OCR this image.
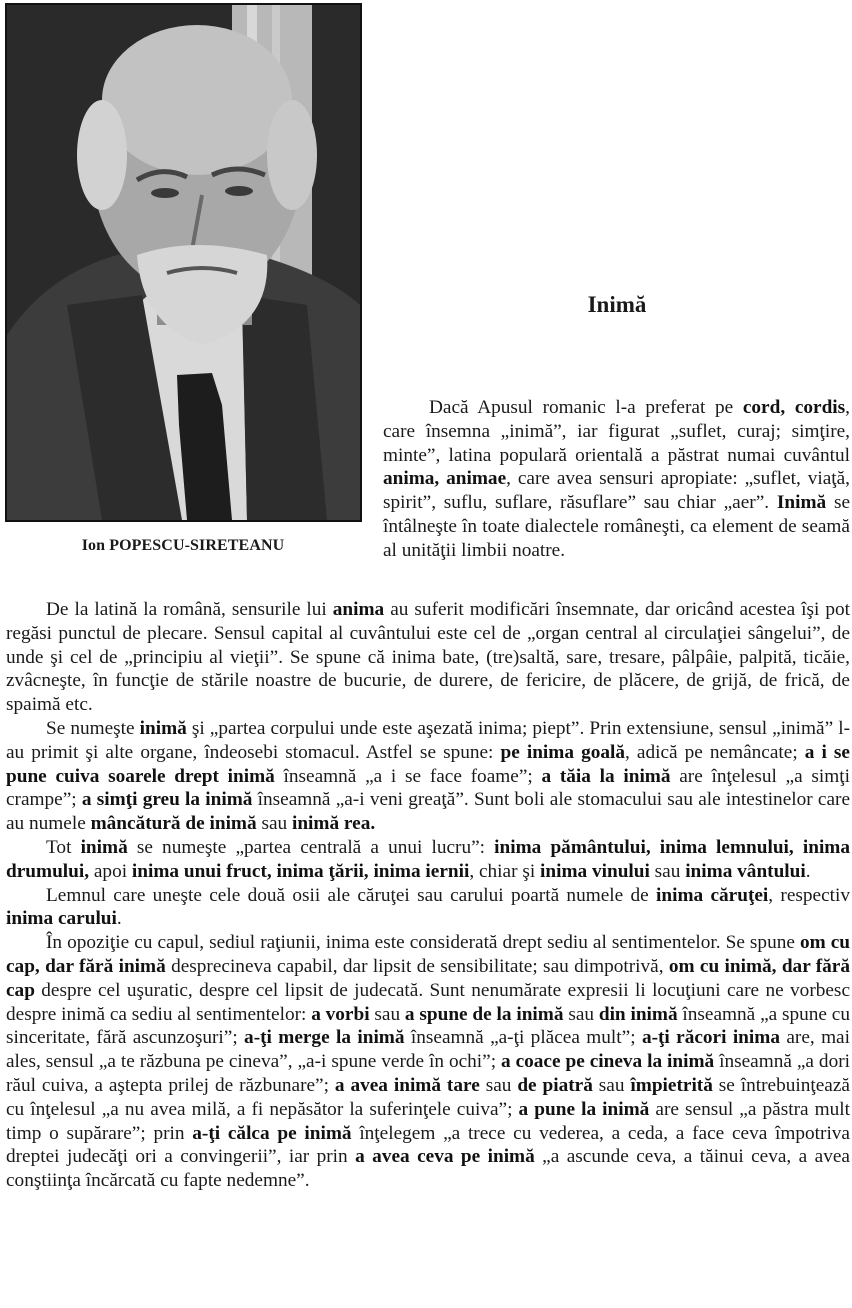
Ion POPESCU-SIRETEANU
Inimă

Dacă Apusul romanic l-a preferat pe cord, cordis, care însemna „inimă”, iar figurat „suflet, curaj; simţire, minte”, latina populară orientală a păstrat numai cuvântul anima, animae, care avea sensuri apropiate: „suflet, viaţă, spirit”, suflu, suflare, răsuflare” sau chiar „aer”. Inimă se întâlneşte în toate dialectele româneşti, ca element de seamă al unităţii limbii noatre.

De la latină la română, sensurile lui anima au suferit modificări însemnate, dar oricând acestea îşi pot regăsi punctul de plecare. Sensul capital al cuvântului este cel de „organ central al circulaţiei sângelui”, de unde şi cel de „principiu al vieţii”. Se spune că inima bate, (tre)saltă, sare, tresare, pâlpâie, palpită, ticăie, zvâcneşte, în funcţie de stările noastre de bucurie, de durere, de fericire, de plăcere, de grijă, de frică, de spaimă etc.

Se numeşte inimă şi „partea corpului unde este aşezată inima; piept”. Prin extensiune, sensul „inimă” l-au primit şi alte organe, îndeosebi stomacul. Astfel se spune: pe inima goală, adică pe nemâncate; a i se pune cuiva soarele drept inimă înseamnă „a i se face foame”; a tăia la inimă are înţelesul „a simţi crampe”; a simţi greu la inimă înseamnă „a-i veni greaţă”. Sunt boli ale stomacului sau ale intestinelor care au numele mâncătură de inimă sau inimă rea.

Tot inimă se numeşte „partea centrală a unui lucru”: inima pământului, inima lemnului, inima drumului, apoi inima unui fruct, inima ţării, inima iernii, chiar şi inima vinului sau inima vântului.

Lemnul care uneşte cele două osii ale căruţei sau carului poartă numele de inima căruţei, respectiv inima carului.

În opoziţie cu capul, sediul raţiunii, inima este considerată drept sediu al sentimentelor. Se spune om cu cap, dar fără inimă desprecineva capabil, dar lipsit de sensibilitate; sau dimpotrivă, om cu inimă, dar fără cap despre cel uşuratic, despre cel lipsit de judecată. Sunt nenumărate expresii li locuţiuni care ne vorbesc despre inimă ca sediu al sentimentelor: a vorbi sau a spune de la inimă sau din inimă înseamnă „a spune cu sinceritate, fără ascunzoşuri”; a-ţi merge la inimă înseamnă „a-ţi plăcea mult”; a-ţi răcori inima are, mai ales, sensul „a te răzbuna pe cineva”, „a-i spune verde în ochi”; a coace pe cineva la inimă înseamnă „a dori răul cuiva, a aştepta prilej de răzbunare”; a avea inimă tare sau de piatră sau împietrită se întrebuinţează cu înţelesul „a nu avea milă, a fi nepăsător la suferinţele cuiva”; a pune la inimă are sensul „a păstra mult timp o supărare”; prin a-ţi călca pe inimă înţelegem „a trece cu vederea, a ceda, a face ceva împotriva dreptei judecăţi ori a convingerii”, iar prin a avea ceva pe inimă „a ascunde ceva, a tăinui ceva, a avea conştiinţa încărcată cu fapte nedemne”.
